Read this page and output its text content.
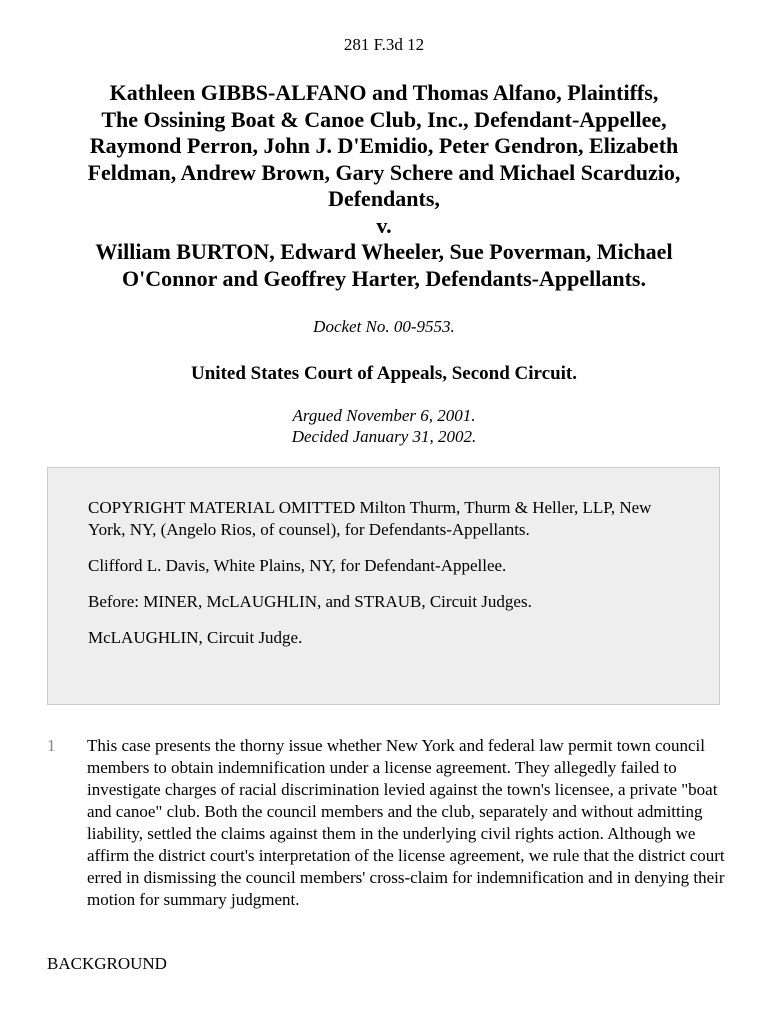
281 F.3d 12
Kathleen GIBBS-ALFANO and Thomas Alfano, Plaintiffs,
The Ossining Boat & Canoe Club, Inc., Defendant-Appellee,
Raymond Perron, John J. D'Emidio, Peter Gendron, Elizabeth
Feldman, Andrew Brown, Gary Schere and Michael Scarduzio,
Defendants,
v.
William BURTON, Edward Wheeler, Sue Poverman, Michael
O'Connor and Geoffrey Harter, Defendants-Appellants.
Docket No. 00-9553.
United States Court of Appeals, Second Circuit.
Argued November 6, 2001.
Decided January 31, 2002.

COPYRIGHT MATERIAL OMITTED Milton Thurm, Thurm & Heller, LLP, New York, NY, (Angelo Rios, of counsel), for Defendants-Appellants.

Clifford L. Davis, White Plains, NY, for Defendant-Appellee.

Before: MINER, McLAUGHLIN, and STRAUB, Circuit Judges.

McLAUGHLIN, Circuit Judge.

1 This case presents the thorny issue whether New York and federal law permit town council members to obtain indemnification under a license agreement. They allegedly failed to investigate charges of racial discrimination levied against the town's licensee, a private "boat and canoe" club. Both the council members and the club, separately and without admitting liability, settled the claims against them in the underlying civil rights action. Although we affirm the district court's interpretation of the license agreement, we rule that the district court erred in dismissing the council members' cross-claim for indemnification and in denying their motion for summary judgment.
BACKGROUND
